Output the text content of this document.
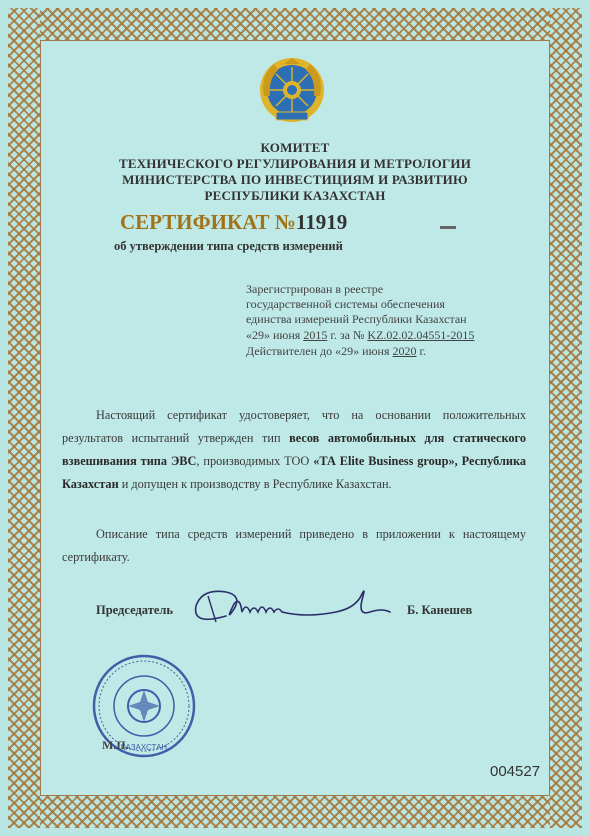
КОМИТЕТ
ТЕХНИЧЕСКОГО РЕГУЛИРОВАНИЯ И МЕТРОЛОГИИ
МИНИСТЕРСТВА ПО ИНВЕСТИЦИЯМ И РАЗВИТИЮ
РЕСПУБЛИКИ КАЗАХСТАН
СЕРТИФИКАТ №11919
об утверждении типа средств измерений
Зарегистрирован в реестре
государственной системы обеспечения
единства измерений Республики Казахстан
«29» июня 2015 г. за № KZ.02.02.04551-2015
Действителен до «29» июня 2020 г.
Настоящий сертификат удостоверяет, что на основании положительных результатов испытаний утвержден тип весов автомобильных для статического взвешивания типа ЭВС, производимых ТОО «ТА Elite Business group», Республика Казахстан и допущен к производству в Республике Казахстан.
Описание типа средств измерений приведено в приложении к настоящему сертификату.
Председатель	Б. Канешев
КАЗАХСТАН
М.П.
004527
